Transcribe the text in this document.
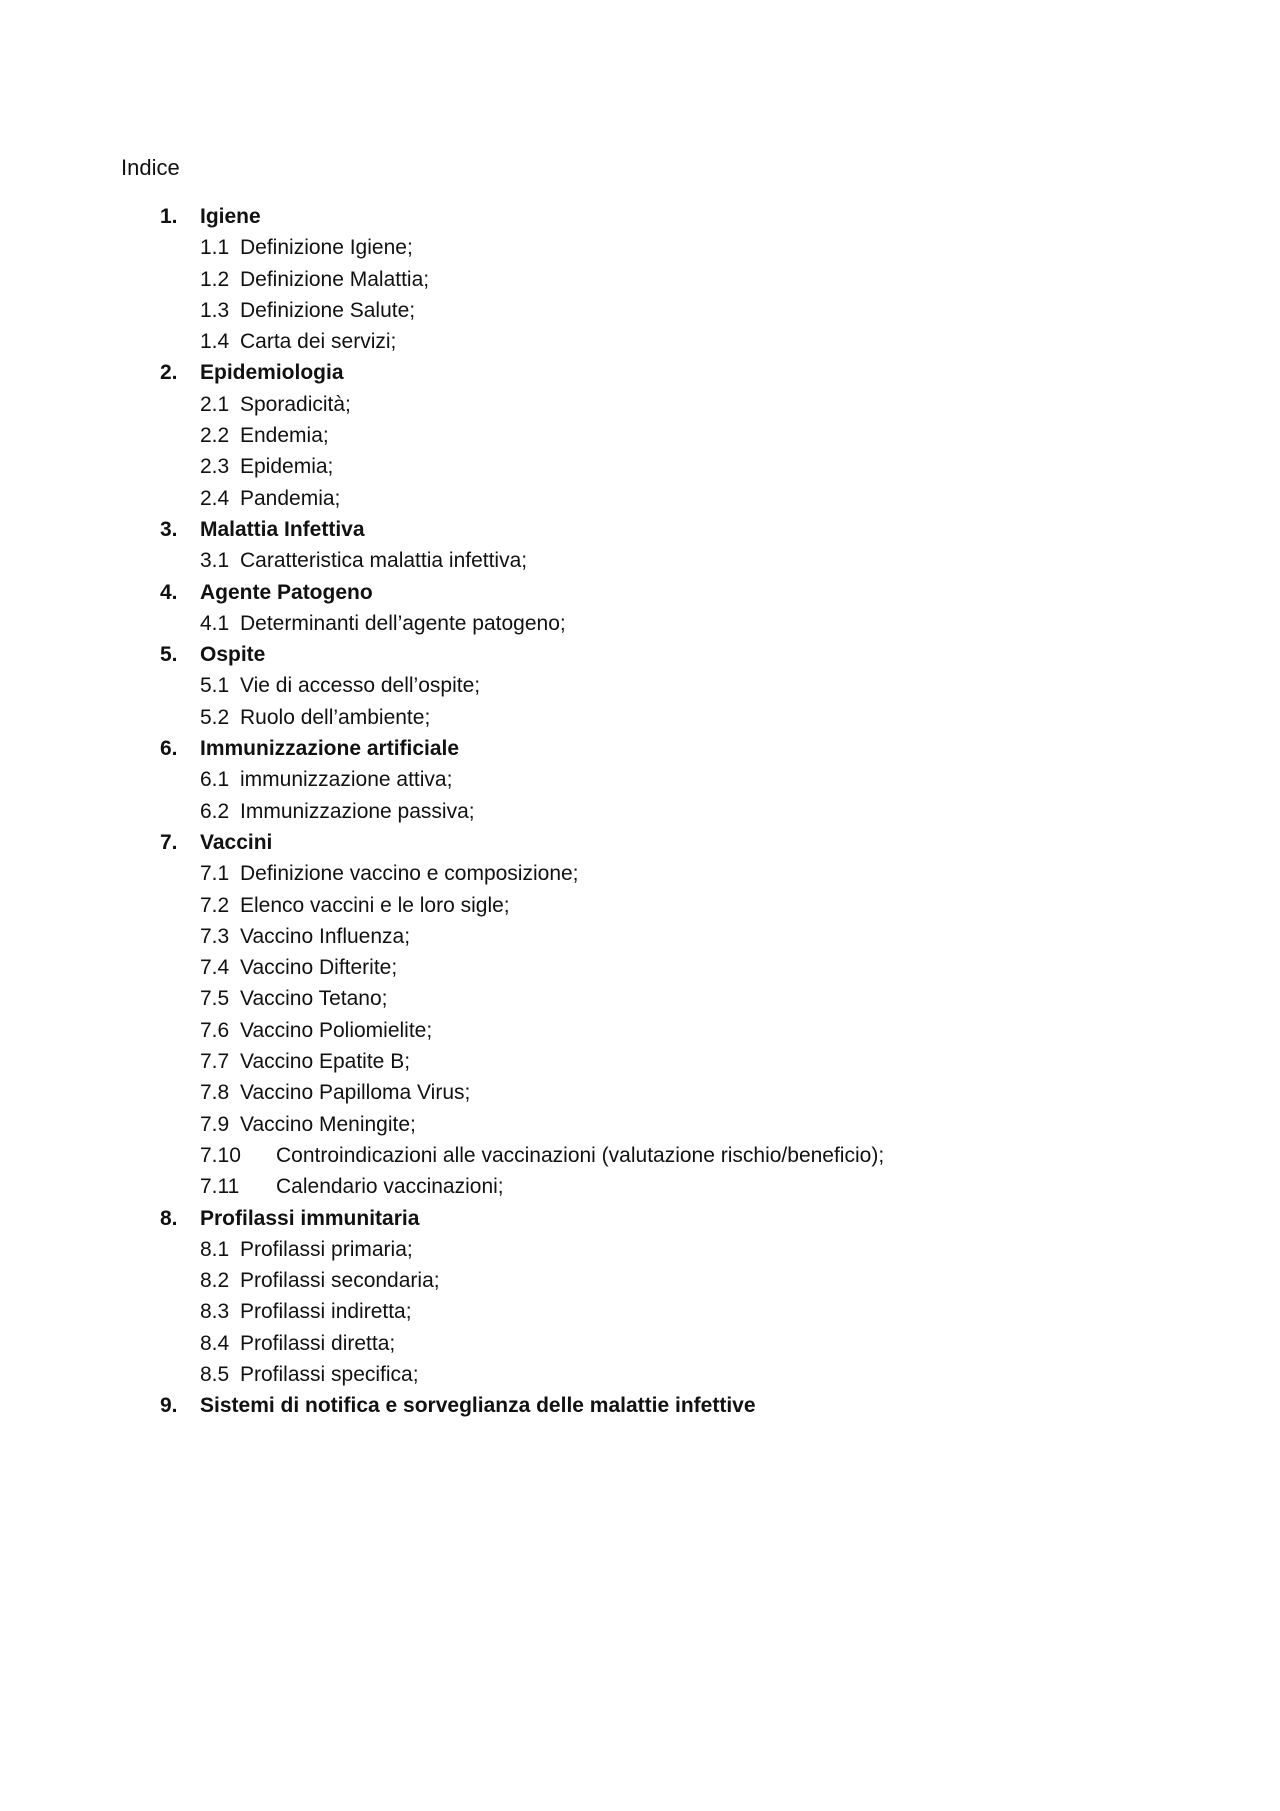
Indice
1. Igiene
1.1 Definizione Igiene;
1.2 Definizione Malattia;
1.3 Definizione Salute;
1.4 Carta dei servizi;
2. Epidemiologia
2.1 Sporadicità;
2.2 Endemia;
2.3 Epidemia;
2.4 Pandemia;
3. Malattia Infettiva
3.1 Caratteristica malattia infettiva;
4. Agente Patogeno
4.1 Determinanti dell’agente patogeno;
5. Ospite
5.1 Vie di accesso dell’ospite;
5.2 Ruolo dell’ambiente;
6. Immunizzazione artificiale
6.1 immunizzazione attiva;
6.2 Immunizzazione passiva;
7. Vaccini
7.1 Definizione vaccino e composizione;
7.2 Elenco vaccini e le loro sigle;
7.3 Vaccino Influenza;
7.4 Vaccino Difterite;
7.5 Vaccino Tetano;
7.6 Vaccino Poliomielite;
7.7 Vaccino Epatite B;
7.8 Vaccino Papilloma Virus;
7.9 Vaccino Meningite;
7.10 Controindicazioni alle vaccinazioni (valutazione rischio/beneficio);
7.11 Calendario vaccinazioni;
8. Profilassi immunitaria
8.1 Profilassi primaria;
8.2 Profilassi secondaria;
8.3 Profilassi indiretta;
8.4 Profilassi diretta;
8.5 Profilassi specifica;
9. Sistemi di notifica e sorveglianza delle malattie infettive
